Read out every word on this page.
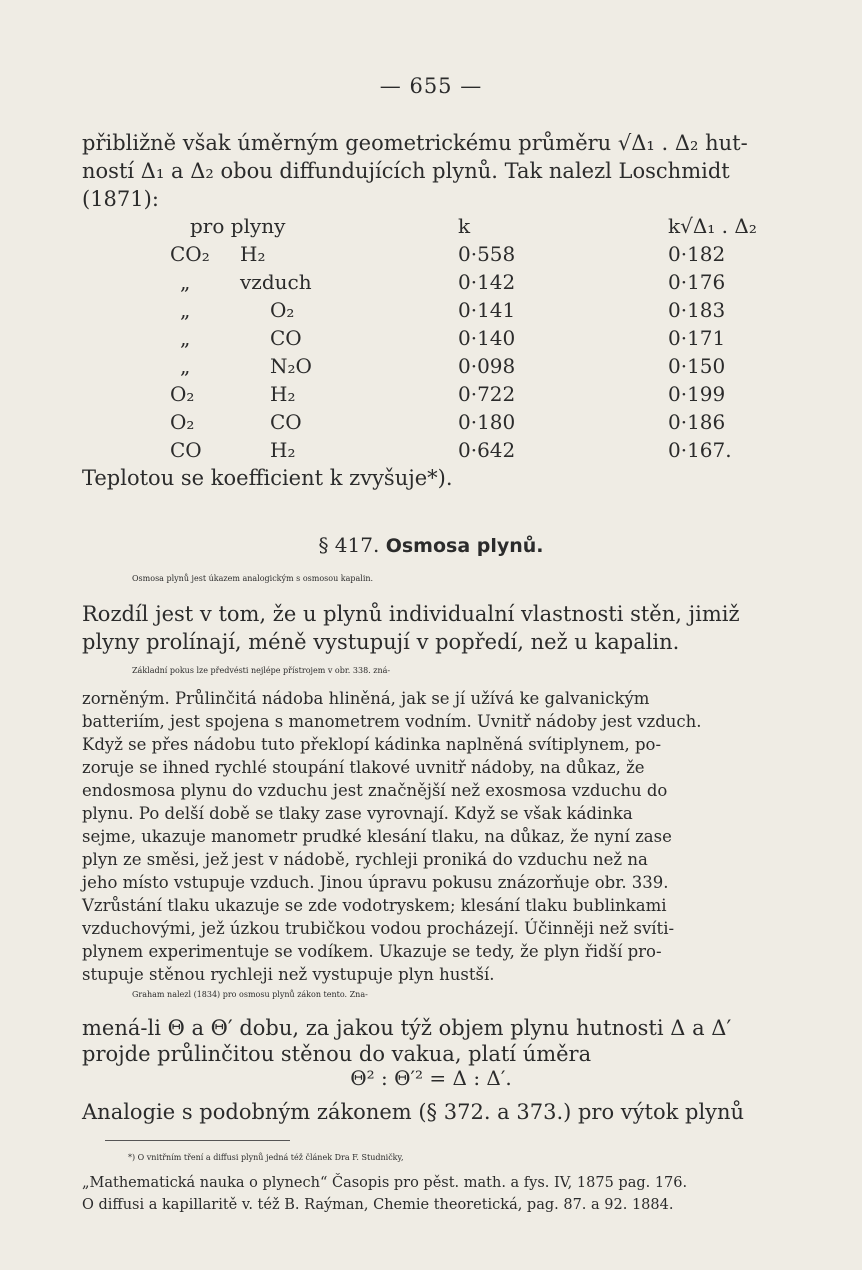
— 655 —
přibližně však úměrným geometrickému průměru √Δ₁ . Δ₂ hut-
ností Δ₁ a Δ₂ obou diffundujících plynů. Tak nalezl Loschmidt
(1871):
pro plyny		k	k√Δ₁ . Δ₂
CO₂	H₂	0·558	0·182
„	vzduch	0·142	0·176
„	O₂	0·141	0·183
„	CO	0·140	0·171
„	N₂O	0·098	0·150
O₂	H₂	0·722	0·199
O₂	CO	0·180	0·186
CO	H₂	0·642	0·167.
Teplotou se koefficient k zvyšuje*).
§ 417. Osmosa plynů.
Osmosa plynů jest úkazem analogickým s osmosou kapalin.
Rozdíl jest v tom, že u plynů individualní vlastnosti stěn, jimiž
plyny prolínají, méně vystupují v popředí, než u kapalin.
Základní pokus lze předvésti nejlépe přístrojem v obr. 338. zná-
zorněným. Průlinčitá nádoba hliněná, jak se jí užívá ke galvanickým
batteriím, jest spojena s manometrem vodním. Uvnitř nádoby jest vzduch.
Když se přes nádobu tuto překlopí kádinka naplněná svítiplynem, po-
zoruje se ihned rychlé stoupání tlakové uvnitř nádoby, na důkaz, že
endosmosa plynu do vzduchu jest značnější než exosmosa vzduchu do
plynu. Po delší době se tlaky zase vyrovnají. Když se však kádinka
sejme, ukazuje manometr prudké klesání tlaku, na důkaz, že nyní zase
plyn ze směsi, jež jest v nádobě, rychleji proniká do vzduchu než na
jeho místo vstupuje vzduch. Jinou úpravu pokusu znázorňuje obr. 339.
Vzrůstání tlaku ukazuje se zde vodotryskem; klesání tlaku bublinkami
vzduchovými, jež úzkou trubičkou vodou procházejí. Účinněji než svíti-
plynem experimentuje se vodíkem. Ukazuje se tedy, že plyn řidší pro-
stupuje stěnou rychleji než vystupuje plyn hustší.
Graham nalezl (1834) pro osmosu plynů zákon tento. Zna-
mená-li Θ a Θ′ dobu, za jakou týž objem plynu hutnosti Δ a Δ′
projde průlinčitou stěnou do vakua, platí úměra
Θ² : Θ′² = Δ : Δ′.
Analogie s podobným zákonem (§ 372. a 373.) pro výtok plynů
*) O vnitřním tření a diffusi plynů jedná též článek Dra F. Studničky,
„Mathematická nauka o plynech“ Časopis pro pěst. math. a fys. IV, 1875 pag. 176.
O diffusi a kapillaritě v. též B. Raýman, Chemie theoretická, pag. 87. a 92. 1884.
